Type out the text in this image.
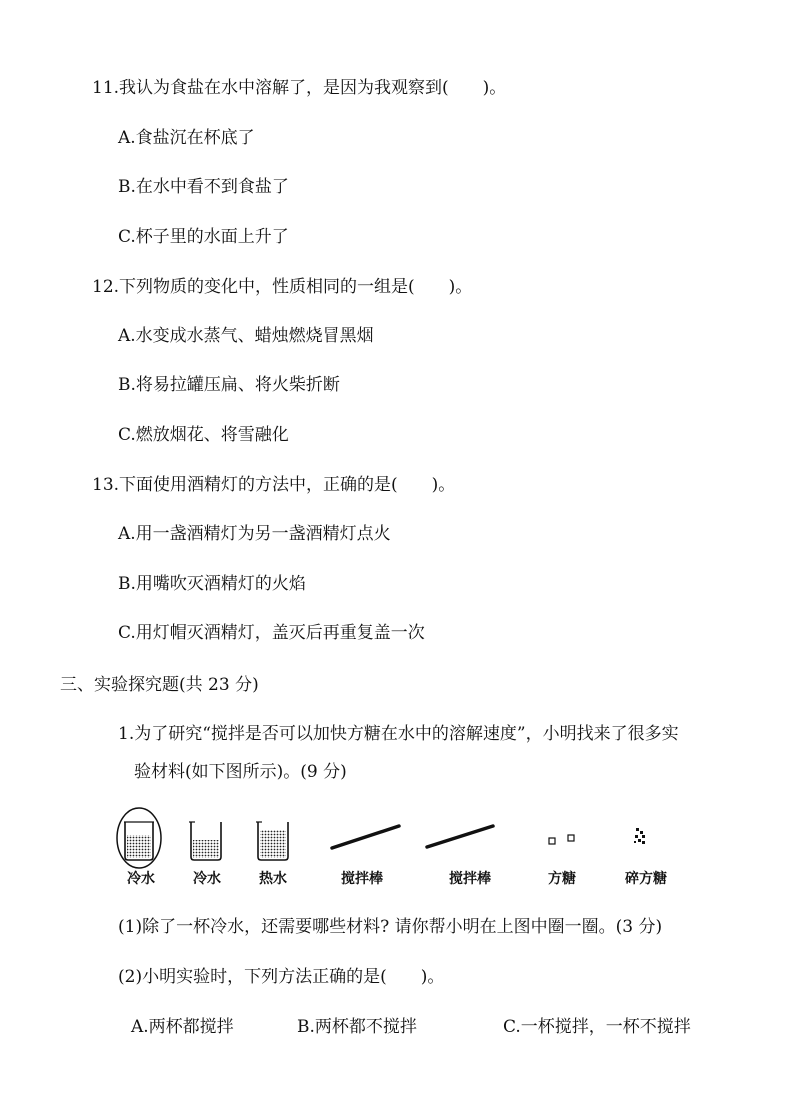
11.我认为食盐在水中溶解了，是因为我观察到(　　)。
A.食盐沉在杯底了
B.在水中看不到食盐了
C.杯子里的水面上升了
12.下列物质的变化中，性质相同的一组是(　　)。
A.水变成水蒸气、蜡烛燃烧冒黑烟
B.将易拉罐压扁、将火柴折断
C.燃放烟花、将雪融化
13.下面使用酒精灯的方法中，正确的是(　　)。
A.用一盏酒精灯为另一盏酒精灯点火
B.用嘴吹灭酒精灯的火焰
C.用灯帽灭酒精灯，盖灭后再重复盖一次
三、实验探究题(共 23 分)
1.为了研究“搅拌是否可以加快方糖在水中的溶解速度”，小明找来了很多实
验材料(如下图所示)。(9 分)
冷水	冷水	热水	搅拌棒	搅拌棒	方糖	碎方糖
(1)除了一杯冷水，还需要哪些材料? 请你帮小明在上图中圈一圈。(3 分)
(2)小明实验时，下列方法正确的是(　　)。
A.两杯都搅拌	B.两杯都不搅拌	C.一杯搅拌，一杯不搅拌
